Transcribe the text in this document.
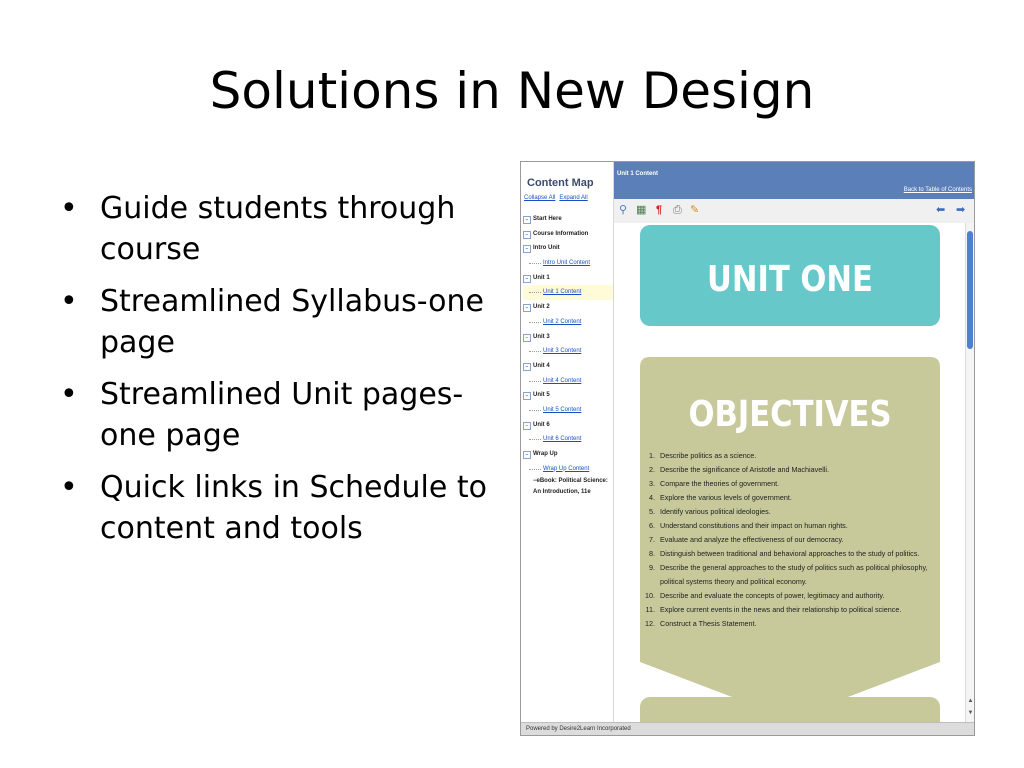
Solutions in New Design
• Guide students through course
• Streamlined Syllabus-one page
• Streamlined Unit pages-one page
• Quick links in Schedule to content and tools
Content Map
Collapse All Expand All
− Start Here
− Course Information
− Intro Unit
Intro Unit Content
− Unit 1
Unit 1 Content
− Unit 2
Unit 2 Content
− Unit 3
Unit 3 Content
− Unit 4
Unit 4 Content
− Unit 5
Unit 5 Content
− Unit 6
Unit 6 Content
− Wrap Up
Wrap Up Content
−eBook: Political Science: An Introduction, 11e
Unit 1 Content
Back to Table of Contents
⚲ ▦ ¶ ⎙ ✎	⬅ ➡
UNIT ONE
OBJECTIVES
1. Describe politics as a science.
2. Describe the significance of Aristotle and Machiavelli.
3. Compare the theories of government.
4. Explore the various levels of government.
5. Identify various political ideologies.
6. Understand constitutions and their impact on human rights.
7. Evaluate and analyze the effectiveness of our democracy.
8. Distinguish between traditional and behavioral approaches to the study of politics.
9. Describe the general approaches to the study of politics such as political philosophy, political systems theory and political economy.
10. Describe and evaluate the concepts of power, legitimacy and authority.
11. Explore current events in the news and their relationship to political science.
12. Construct a Thesis Statement.
▲
▼
Powered by Desire2Learn Incorporated
